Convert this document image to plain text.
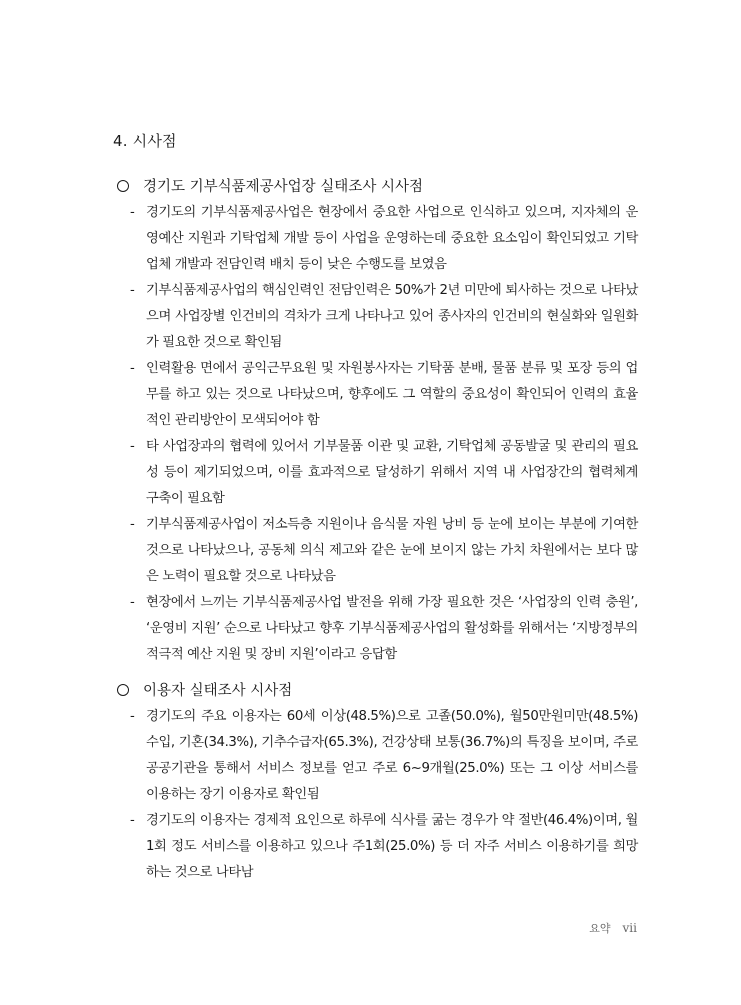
4. 시사점
경기도 기부식품제공사업장 실태조사 시사점
- 경기도의 기부식품제공사업은 현장에서 중요한 사업으로 인식하고 있으며, 지자체의 운영예산 지원과 기탁업체 개발 등이 사업을 운영하는데 중요한 요소임이 확인되었고 기탁업체 개발과 전담인력 배치 등이 낮은 수행도를 보였음
- 기부식품제공사업의 핵심인력인 전담인력은 50%가 2년 미만에 퇴사하는 것으로 나타났으며 사업장별 인건비의 격차가 크게 나타나고 있어 종사자의 인건비의 현실화와 일원화가 필요한 것으로 확인됨
- 인력활용 면에서 공익근무요원 및 자원봉사자는 기탁품 분배, 물품 분류 및 포장 등의 업무를 하고 있는 것으로 나타났으며, 향후에도 그 역할의 중요성이 확인되어 인력의 효율적인 관리방안이 모색되어야 함
- 타 사업장과의 협력에 있어서 기부물품 이관 및 교환, 기탁업체 공동발굴 및 관리의 필요성 등이 제기되었으며, 이를 효과적으로 달성하기 위해서 지역 내 사업장간의 협력체계 구축이 필요함
- 기부식품제공사업이 저소득층 지원이나 음식물 자원 낭비 등 눈에 보이는 부분에 기여한 것으로 나타났으나, 공동체 의식 제고와 같은 눈에 보이지 않는 가치 차원에서는 보다 많은 노력이 필요할 것으로 나타났음
- 현장에서 느끼는 기부식품제공사업 발전을 위해 가장 필요한 것은 ‘사업장의 인력 충원’, ‘운영비 지원’ 순으로 나타났고 향후 기부식품제공사업의 활성화를 위해서는 ‘지방정부의 적극적 예산 지원 및 장비 지원’이라고 응답함
이용자 실태조사 시사점
- 경기도의 주요 이용자는 60세 이상(48.5%)으로 고졸(50.0%), 월50만원미만(48.5%)수입, 기혼(34.3%), 기추수급자(65.3%), 건강상태 보통(36.7%)의 특징을 보이며, 주로 공공기관을 통해서 서비스 정보를 얻고 주로 6~9개월(25.0%) 또는 그 이상 서비스를 이용하는 장기 이용자로 확인됨
- 경기도의 이용자는 경제적 요인으로 하루에 식사를 굶는 경우가 약 절반(46.4%)이며, 월 1회 정도 서비스를 이용하고 있으나 주1회(25.0%) 등 더 자주 서비스 이용하기를 희망하는 것으로 나타남
요약 vii
